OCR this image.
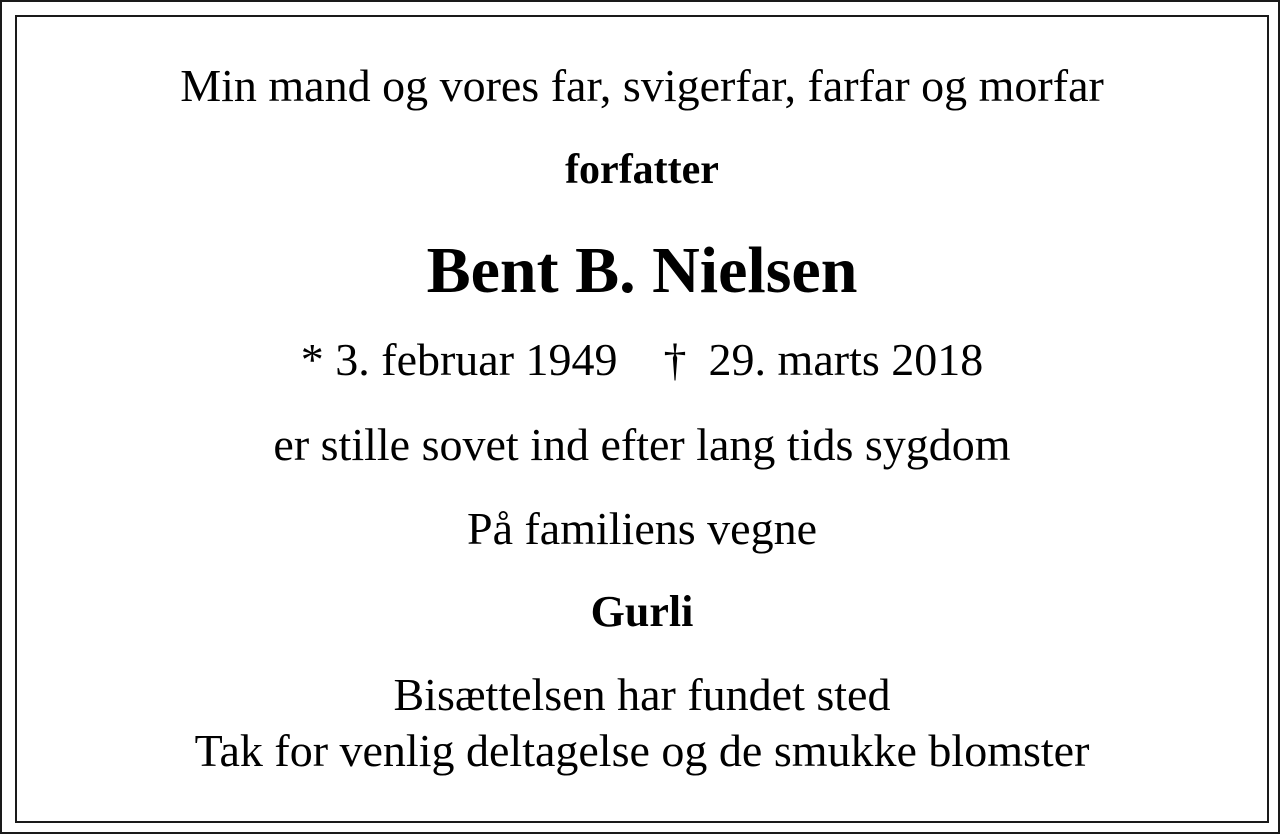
Min mand og vores far, svigerfar, farfar og morfar
forfatter
Bent B. Nielsen
* 3. februar 1949 † 29. marts 2018
er stille sovet ind efter lang tids sygdom
På familiens vegne
Gurli
Bisættelsen har fundet sted
Tak for venlig deltagelse og de smukke blomster
